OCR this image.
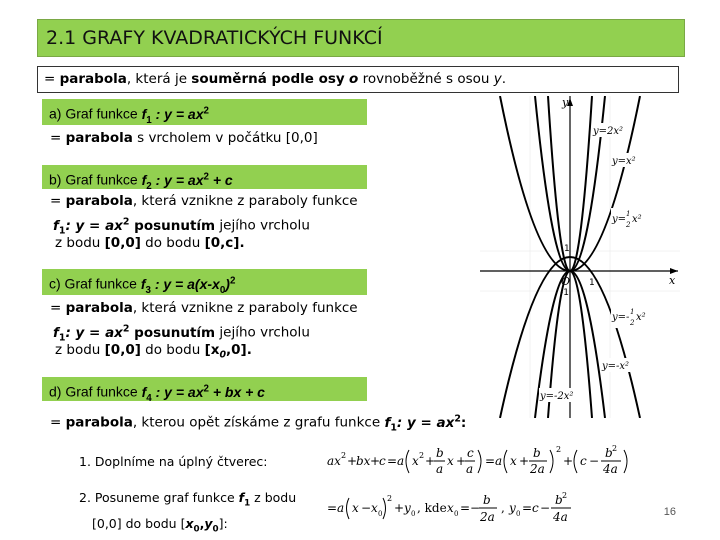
2.1 GRAFY KVADRATICKÝCH FUNKCÍ
= parabola, která je souměrná podle osy o rovnoběžné s osou y.
a) Graf funkce $f_1$ : $y = ax^2$
= parabola s vrcholem v počátku [0,0]
b) Graf funkce $f_2$ : $y = ax^2 + c$
= parabola, která vznikne z paraboly funkce
$f_1$: $y = ax^2$ posunutím jejího vrcholu
z bodu [0,0] do bodu [0,c].
c) Graf funkce $f_3$ : $y = a(x-x_0)^2$
= parabola, která vznikne z paraboly funkce
$f_1$: $y = ax^2$ posunutím jejího vrcholu
z bodu [0,0] do bodu $[x_0,0]$.
d) Graf funkce $f_4$ : $y = ax^2$ + bx + c
= parabola, kterou opět získáme z grafu funkce $f_1$: $y = ax^2$:
1. Doplníme na úplný čtverec:
2. Posuneme graf funkce $f_1$ z bodu
[0,0] do bodu $[x_0,y_0]$:
ax 2 +
bx +
c = a x 2 +
b
a
x +
c
a
= a x +
b
2a
2
+ c −
b 2
4a
= a x − x 0
2
+ y 0 , kde x 0 = −
b
2a
, y 0 = c −
b 2
4a
y
x
O 1
1
-1
y=2x²
y=x²
y= 1
2 x²
y=- 1
2 x²
y=-x²
y=-2x²
16
